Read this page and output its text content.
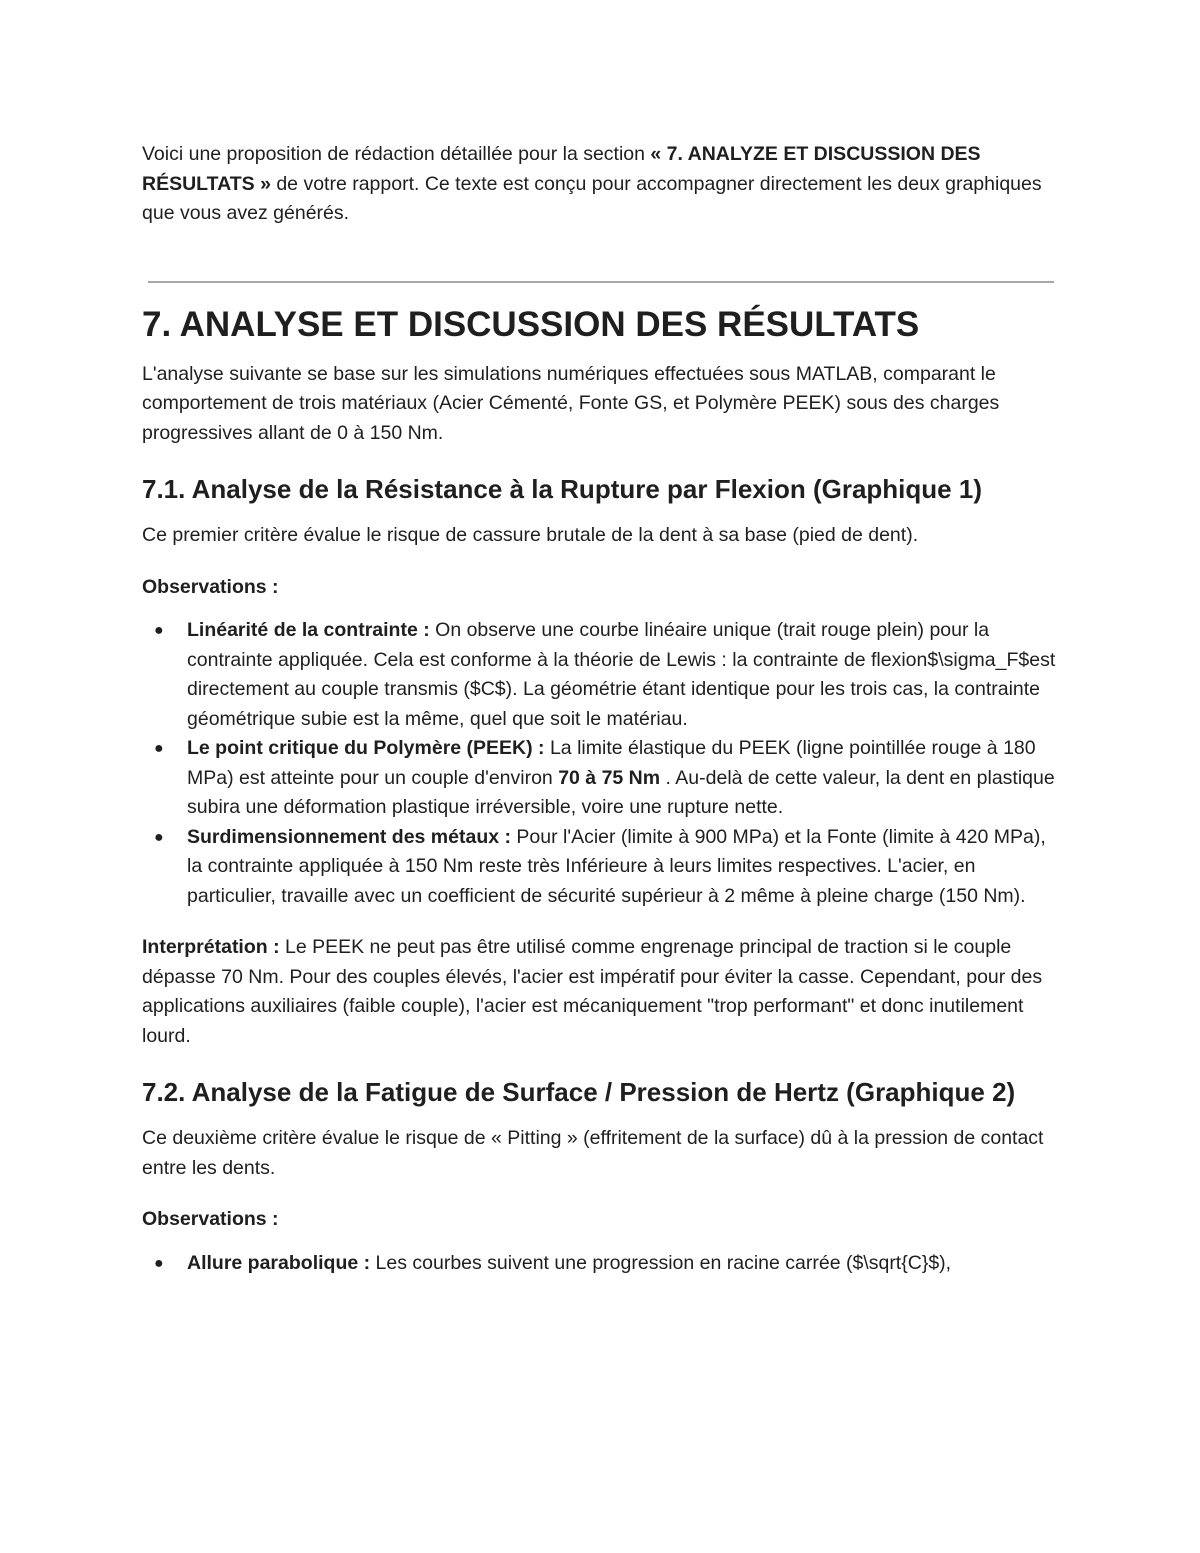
Voici une proposition de rédaction détaillée pour la section « 7. ANALYZE ET DISCUSSION DES RÉSULTATS » de votre rapport. Ce texte est conçu pour accompagner directement les deux graphiques que vous avez générés.

7. ANALYSE ET DISCUSSION DES RÉSULTATS

L'analyse suivante se base sur les simulations numériques effectuées sous MATLAB, comparant le comportement de trois matériaux (Acier Cémenté, Fonte GS, et Polymère PEEK) sous des charges progressives allant de 0 à 150 Nm.

7.1. Analyse de la Résistance à la Rupture par Flexion (Graphique 1)

Ce premier critère évalue le risque de cassure brutale de la dent à sa base (pied de dent).

Observations :

● Linéarité de la contrainte : On observe une courbe linéaire unique (trait rouge plein) pour la contrainte appliquée. Cela est conforme à la théorie de Lewis : la contrainte de flexion$\sigma_F$est directement au couple transmis ($C$). La géométrie étant identique pour les trois cas, la contrainte géométrique subie est la même, quel que soit le matériau.
● Le point critique du Polymère (PEEK) : La limite élastique du PEEK (ligne pointillée rouge à 180 MPa) est atteinte pour un couple d'environ 70 à 75 Nm . Au-delà de cette valeur, la dent en plastique subira une déformation plastique irréversible, voire une rupture nette.
● Surdimensionnement des métaux : Pour l'Acier (limite à 900 MPa) et la Fonte (limite à 420 MPa), la contrainte appliquée à 150 Nm reste très Inférieure à leurs limites respectives. L'acier, en particulier, travaille avec un coefficient de sécurité supérieur à 2 même à pleine charge (150 Nm).

Interprétation : Le PEEK ne peut pas être utilisé comme engrenage principal de traction si le couple dépasse 70 Nm. Pour des couples élevés, l'acier est impératif pour éviter la casse. Cependant, pour des applications auxiliaires (faible couple), l'acier est mécaniquement "trop performant" et donc inutilement lourd.

7.2. Analyse de la Fatigue de Surface / Pression de Hertz (Graphique 2)

Ce deuxième critère évalue le risque de « Pitting » (effritement de la surface) dû à la pression de contact entre les dents.

Observations :

● Allure parabolique : Les courbes suivent une progression en racine carrée ($\sqrt{C}$),
